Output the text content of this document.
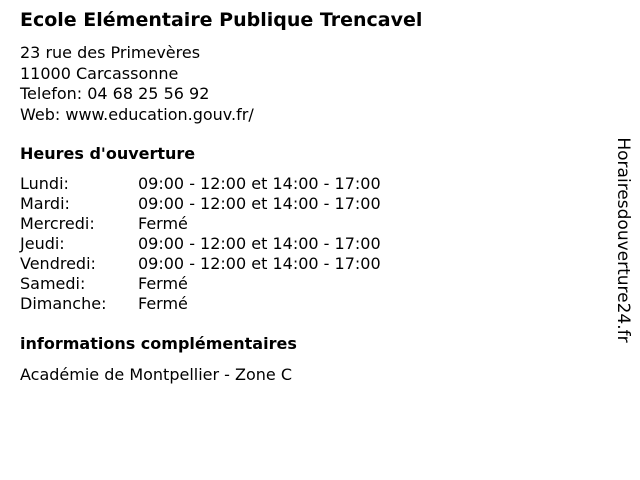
Ecole Elémentaire Publique Trencavel
23 rue des Primevères
11000 Carcassonne
Telefon: 04 68 25 56 92
Web: www.education.gouv.fr/
Heures d'ouverture
Lundi:	09:00 - 12:00 et 14:00 - 17:00
Mardi:	09:00 - 12:00 et 14:00 - 17:00
Mercredi:	Fermé
Jeudi:	09:00 - 12:00 et 14:00 - 17:00
Vendredi:	09:00 - 12:00 et 14:00 - 17:00
Samedi:	Fermé
Dimanche:	Fermé
informations complémentaires
Académie de Montpellier - Zone C
Horairesdouverture24.fr
